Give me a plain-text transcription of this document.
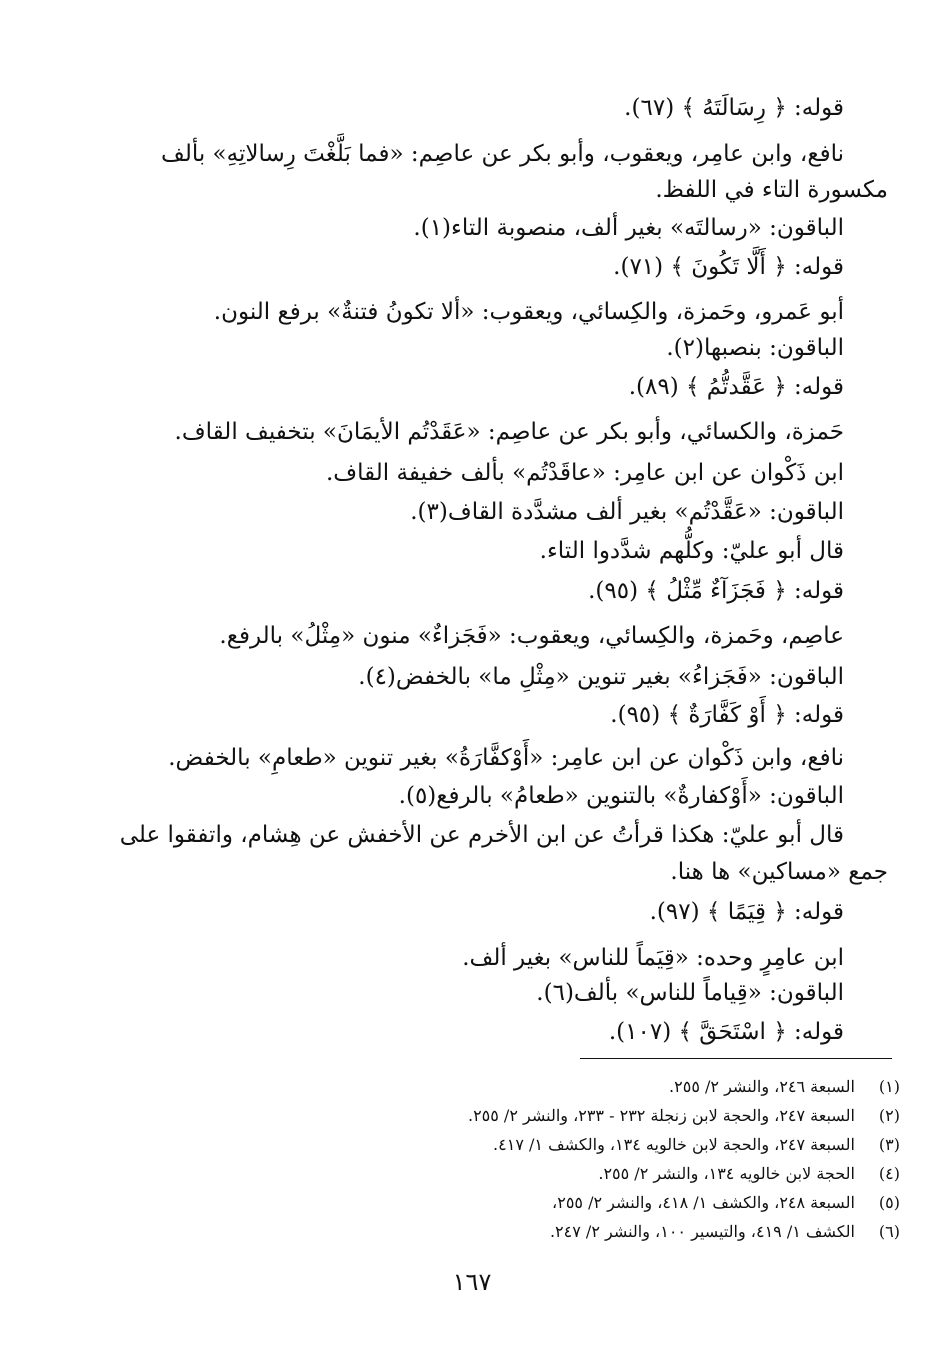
قوله: ﴿ رِسَالَتَهُ ﴾ (٦٧).
نافع، وابن عامِر، ويعقوب، وأبو بكر عن عاصِم: «فما بَلَّغْتَ رِسالاتِهِ» بألف
مكسورة التاء في اللفظ.
الباقون: «رسالتَه» بغير ألف، منصوبة التاء(١).
قوله: ﴿ أَلَّا تَكُونَ ﴾ (٧١).
أبو عَمرو، وحَمزة، والكِسائي، ويعقوب: «ألا تكونُ فتنةٌ» برفع النون.
الباقون: بنصبها(٢).
قوله: ﴿ عَقَّدتُّمُ ﴾ (٨٩).
حَمزة، والكسائي، وأبو بكر عن عاصِم: «عَقَدْتُم الأيمَانَ» بتخفيف القاف.
ابن ذَكْوان عن ابن عامِر: «عاقَدْتُم» بألف خفيفة القاف.
الباقون: «عَقَّدْتُم» بغير ألف مشدَّدة القاف(٣).
قال أبو عليّ: وكلُّهم شدَّدوا التاء.
قوله: ﴿ فَجَزَآءٌ مِّثْلُ ﴾ (٩٥).
عاصِم، وحَمزة، والكِسائي، ويعقوب: «فَجَزاءٌ» منون «مِثْلُ» بالرفع.
الباقون: «فَجَزاءُ» بغير تنوين «مِثْلِ ما» بالخفض(٤).
قوله: ﴿ أَوْ كَفَّارَةٌ ﴾ (٩٥).
نافع، وابن ذَكْوان عن ابن عامِر: «أَوْكفَّارَةُ» بغير تنوين «طعامِ» بالخفض.
الباقون: «أَوْكفارةٌ» بالتنوين «طعامُ» بالرفع(٥).
قال أبو عليّ: هكذا قرأتُ عن ابن الأخرم عن الأخفش عن هِشام، واتفقوا على
جمع «مساكين» ها هنا.
قوله: ﴿ قِيَمًا ﴾ (٩٧).
ابن عامِرٍ وحده: «قِيَماً للناس» بغير ألف.
الباقون: «قِياماً للناس» بألف(٦).
قوله: ﴿ اسْتَحَقَّ ﴾ (١٠٧).
(١) السبعة ٢٤٦، والنشر ٢/ ٢٥٥.
(٢) السبعة ٢٤٧، والحجة لابن زنجلة ٢٣٢ - ٢٣٣، والنشر ٢/ ٢٥٥.
(٣) السبعة ٢٤٧، والحجة لابن خالويه ١٣٤، والكشف ١/ ٤١٧.
(٤) الحجة لابن خالويه ١٣٤، والنشر ٢/ ٢٥٥.
(٥) السبعة ٢٤٨، والكشف ١/ ٤١٨، والنشر ٢/ ٢٥٥،
(٦) الكشف ١/ ٤١٩، والتيسير ١٠٠، والنشر ٢/ ٢٤٧.
١٦٧
